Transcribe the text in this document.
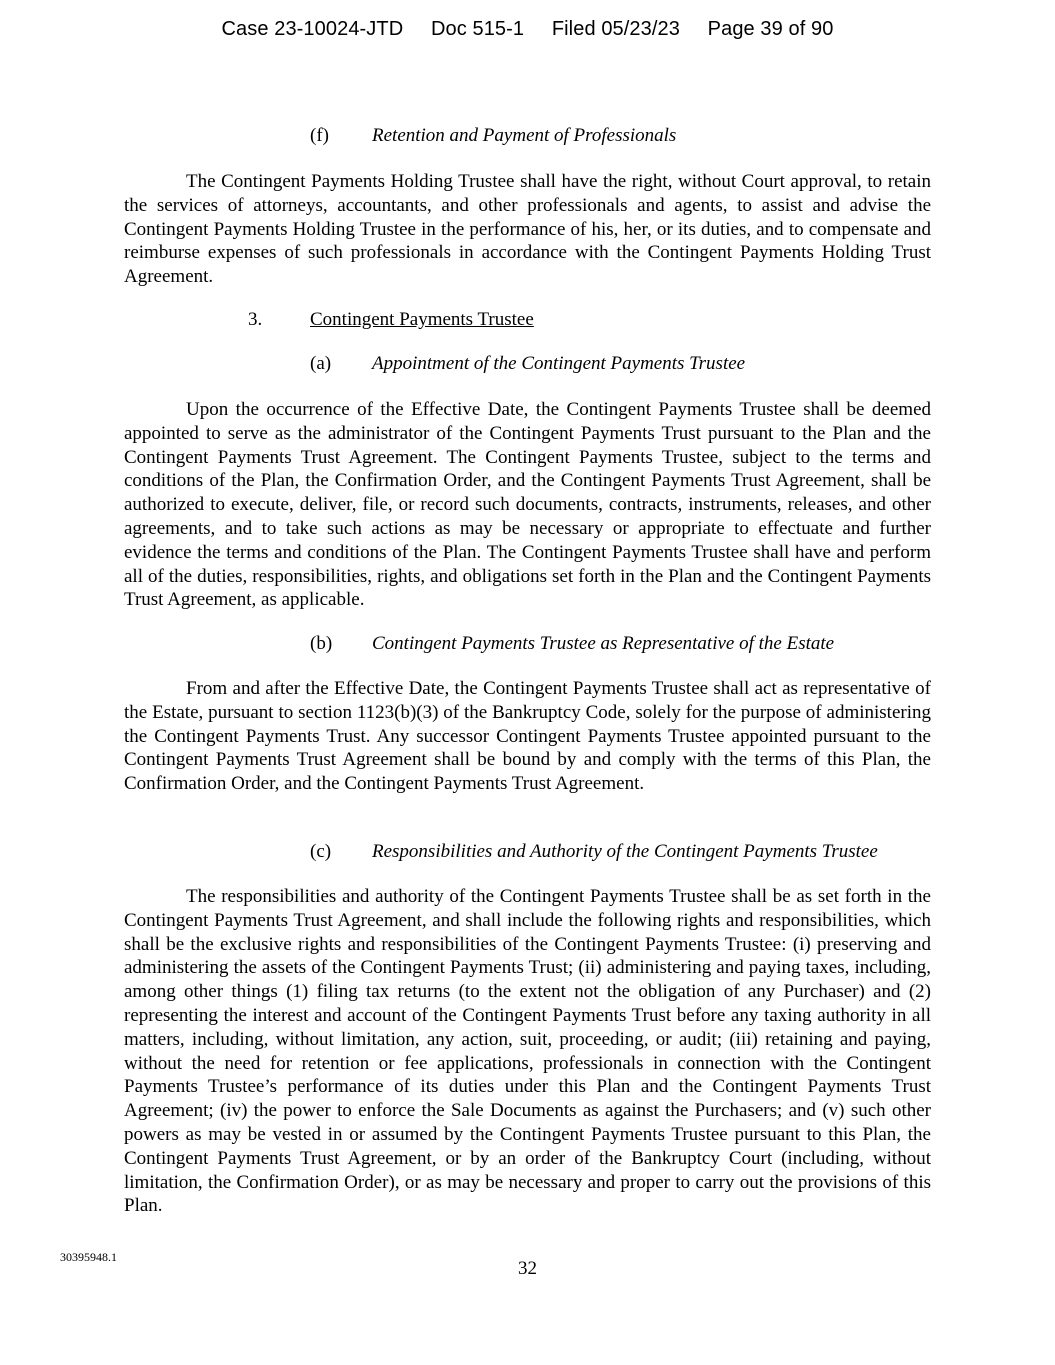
Case 23-10024-JTD Doc 515-1 Filed 05/23/23 Page 39 of 90
(f) Retention and Payment of Professionals

The Contingent Payments Holding Trustee shall have the right, without Court approval, to retain the services of attorneys, accountants, and other professionals and agents, to assist and advise the Contingent Payments Holding Trustee in the performance of his, her, or its duties, and to compensate and reimburse expenses of such professionals in accordance with the Contingent Payments Holding Trust Agreement.

3.	Contingent Payments Trustee
(a) Appointment of the Contingent Payments Trustee

Upon the occurrence of the Effective Date, the Contingent Payments Trustee shall be deemed appointed to serve as the administrator of the Contingent Payments Trust pursuant to the Plan and the Contingent Payments Trust Agreement. The Contingent Payments Trustee, subject to the terms and conditions of the Plan, the Confirmation Order, and the Contingent Payments Trust Agreement, shall be authorized to execute, deliver, file, or record such documents, contracts, instruments, releases, and other agreements, and to take such actions as may be necessary or appropriate to effectuate and further evidence the terms and conditions of the Plan. The Contingent Payments Trustee shall have and perform all of the duties, responsibilities, rights, and obligations set forth in the Plan and the Contingent Payments Trust Agreement, as applicable.

(b) Contingent Payments Trustee as Representative of the Estate

From and after the Effective Date, the Contingent Payments Trustee shall act as representative of the Estate, pursuant to section 1123(b)(3) of the Bankruptcy Code, solely for the purpose of administering the Contingent Payments Trust. Any successor Contingent Payments Trustee appointed pursuant to the Contingent Payments Trust Agreement shall be bound by and comply with the terms of this Plan, the Confirmation Order, and the Contingent Payments Trust Agreement.

(c) Responsibilities and Authority of the Contingent Payments Trustee

The responsibilities and authority of the Contingent Payments Trustee shall be as set forth in the Contingent Payments Trust Agreement, and shall include the following rights and responsibilities, which shall be the exclusive rights and responsibilities of the Contingent Payments Trustee: (i) preserving and administering the assets of the Contingent Payments Trust; (ii) administering and paying taxes, including, among other things (1) filing tax returns (to the extent not the obligation of any Purchaser) and (2) representing the interest and account of the Contingent Payments Trust before any taxing authority in all matters, including, without limitation, any action, suit, proceeding, or audit; (iii) retaining and paying, without the need for retention or fee applications, professionals in connection with the Contingent Payments Trustee’s performance of its duties under this Plan and the Contingent Payments Trust Agreement; (iv) the power to enforce the Sale Documents as against the Purchasers; and (v) such other powers as may be vested in or assumed by the Contingent Payments Trustee pursuant to this Plan, the Contingent Payments Trust Agreement, or by an order of the Bankruptcy Court (including, without limitation, the Confirmation Order), or as may be necessary and proper to carry out the provisions of this Plan.

30395948.1
32
